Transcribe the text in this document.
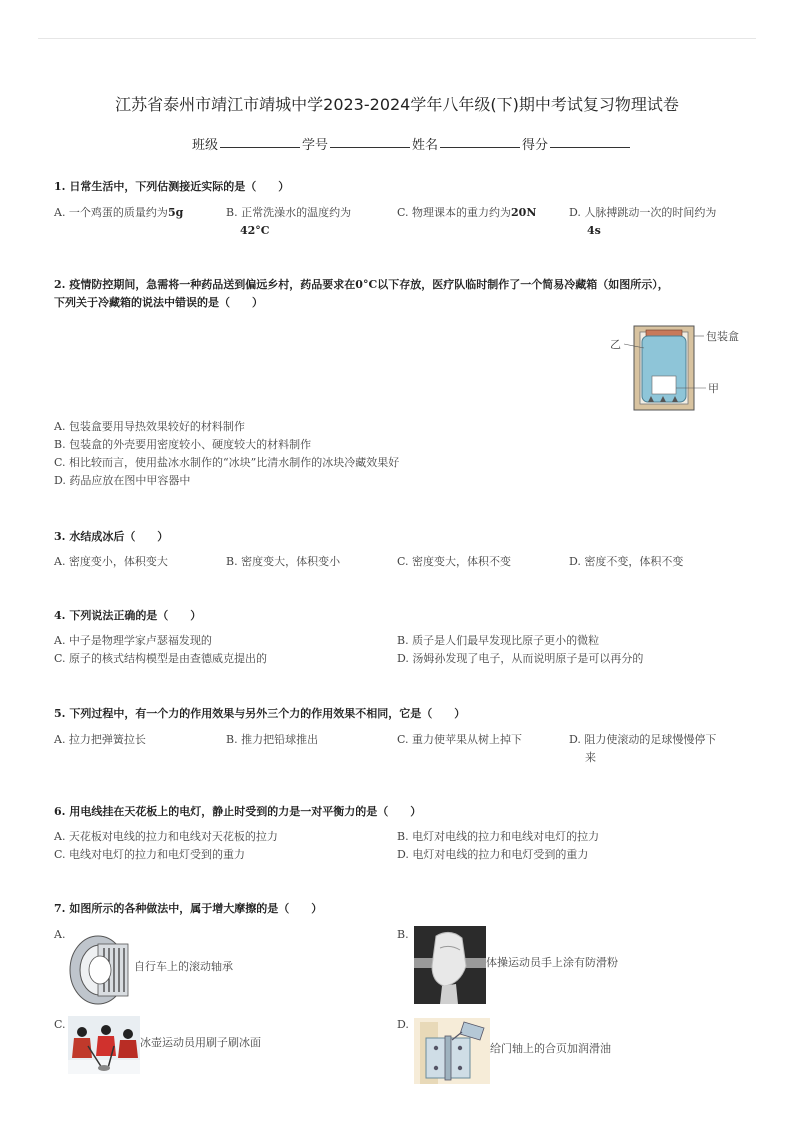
江苏省泰州市靖江市靖城中学2023-2024学年八年级(下)期中考试复习物理试卷
班级	学号	姓名	得分
1. 日常生活中，下列估测接近实际的是（　　）
A. 一个鸡蛋的质量约为5g	B. 正常洗澡水的温度约为
42°C
C. 物理课本的重力约为20N	D. 人脉搏跳动一次的时间约为
4s
2. 疫情防控期间，急需将一种药品送到偏远乡村，药品要求在0°C以下存放，医疗队临时制作了一个简易冷藏箱（如图所示），
下列关于冷藏箱的说法中错误的是（　　）
乙
包装盒
甲
A. 包装盒要用导热效果较好的材料制作
B. 包装盒的外壳要用密度较小、硬度较大的材料制作
C. 相比较而言，使用盐冰水制作的“冰块”比清水制作的冰块冷藏效果好
D. 药品应放在图中甲容器中
3. 水结成冰后（　　）
A. 密度变小，体积变大	B. 密度变大，体积变小	C. 密度变大，体积不变	D. 密度不变，体积不变
4. 下列说法正确的是（　　）
A. 中子是物理学家卢瑟福发现的	B. 质子是人们最早发现比原子更小的微粒
C. 原子的核式结构模型是由查德威克提出的	D. 汤姆孙发现了电子，从而说明原子是可以再分的
5. 下列过程中，有一个力的作用效果与另外三个力的作用效果不相同，它是（　　）
A. 拉力把弹簧拉长	B. 推力把铅球推出	C. 重力使苹果从树上掉下	D. 阻力使滚动的足球慢慢停下
来
6. 用电线挂在天花板上的电灯，静止时受到的力是一对平衡力的是（　　）
A. 天花板对电线的拉力和电线对天花板的拉力	B. 电灯对电线的拉力和电线对电灯的拉力
C. 电线对电灯的拉力和电灯受到的重力	D. 电灯对电线的拉力和电灯受到的重力
7. 如图所示的各种做法中，属于增大摩擦的是（　　）
A.
自行车上的滚动轴承
B.
体操运动员手上涂有防滑粉
C.
冰壶运动员用刷子刷冰面
D.
给门轴上的合页加润滑油
